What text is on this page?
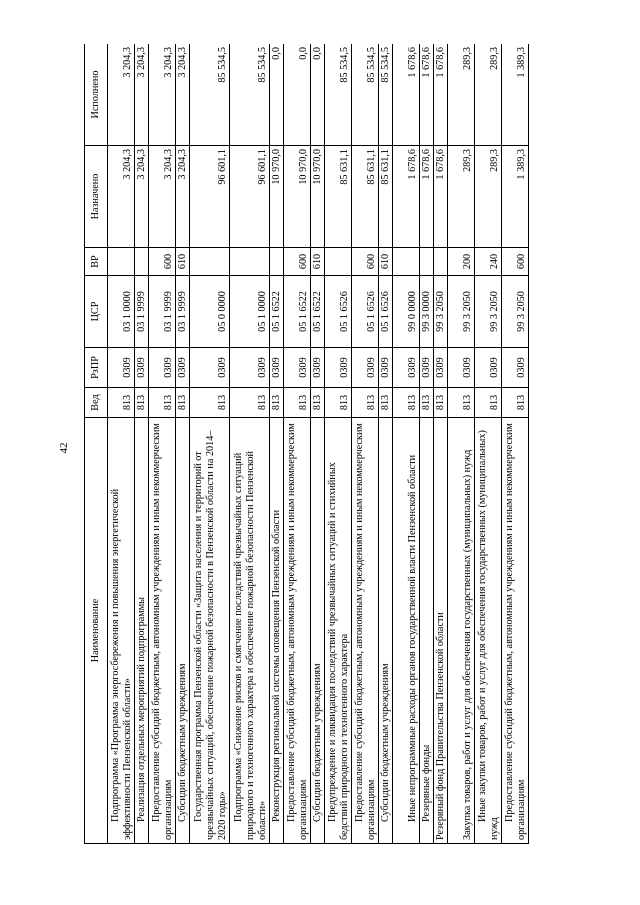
42
Наименование	Вед	РзПР	ЦСР	ВР	Назначено	Исполнено
Подпрограмма «Программа энергосбережения и повышения энергетической эффективности Пензенской области»	813	0309	03 1 0000		3 204,3	3 204,3
Реализация отдельных мероприятий подпрограммы	813	0309	03 1 9999		3 204,3	3 204,3
Предоставление субсидий бюджетным, автономным учреждениям и иным некоммерческим организациям	813	0309	03 1 9999	600	3 204,3	3 204,3
Субсидии бюджетным учреждениям	813	0309	03 1 9999	610	3 204,3	3 204,3
Государственная программа Пензенской области «Защита населения и территорий от чрезвычайных ситуаций, обеспечение пожарной безопасности в Пензенской области на 2014–2020 годы»	813	0309	05 0 0000		96 601,1	85 534,5
Подпрограмма «Снижение рисков и смягчение последствий чрезвычайных ситуаций природного и техногенного характера и обеспечение пожарной безопасности Пензенской области»	813	0309	05 1 0000		96 601,1	85 534,5
Реконструкция региональной системы оповещения Пензенской области	813	0309	05 1 6522		10 970,0	0,0
Предоставление субсидий бюджетным, автономным учреждениям и иным некоммерческим организациям	813	0309	05 1 6522	600	10 970,0	0,0
Субсидии бюджетным учреждениям	813	0309	05 1 6522	610	10 970,0	0,0
Предупреждение и ликвидация последствий чрезвычайных ситуаций и стихийных бедствий природного и техногенного характера	813	0309	05 1 6526		85 631,1	85 534,5
Предоставление субсидий бюджетным, автономным учреждениям и иным некоммерческим организациям	813	0309	05 1 6526	600	85 631,1	85 534,5
Субсидии бюджетным учреждениям	813	0309	05 1 6526	610	85 631,1	85 534,5
Иные непрограммные расходы органов государственной власти Пензенской области	813	0309	99 0 0000		1 678,6	1 678,6
Резервные фонды	813	0309	99 3 0000		1 678,6	1 678,6
Резервный фонд Правительства Пензенской области	813	0309	99 3 2050		1 678,6	1 678,6
Закупка товаров, работ и услуг для обеспечения государственных (муниципальных) нужд	813	0309	99 3 2050	200	289,3	289,3
Иные закупки товаров, работ и услуг для обеспечения государственных (муниципальных) нужд	813	0309	99 3 2050	240	289,3	289,3
Предоставление субсидий бюджетным, автономным учреждениям и иным некоммерческим организациям	813	0309	99 3 2050	600	1 389,3	1 389,3
